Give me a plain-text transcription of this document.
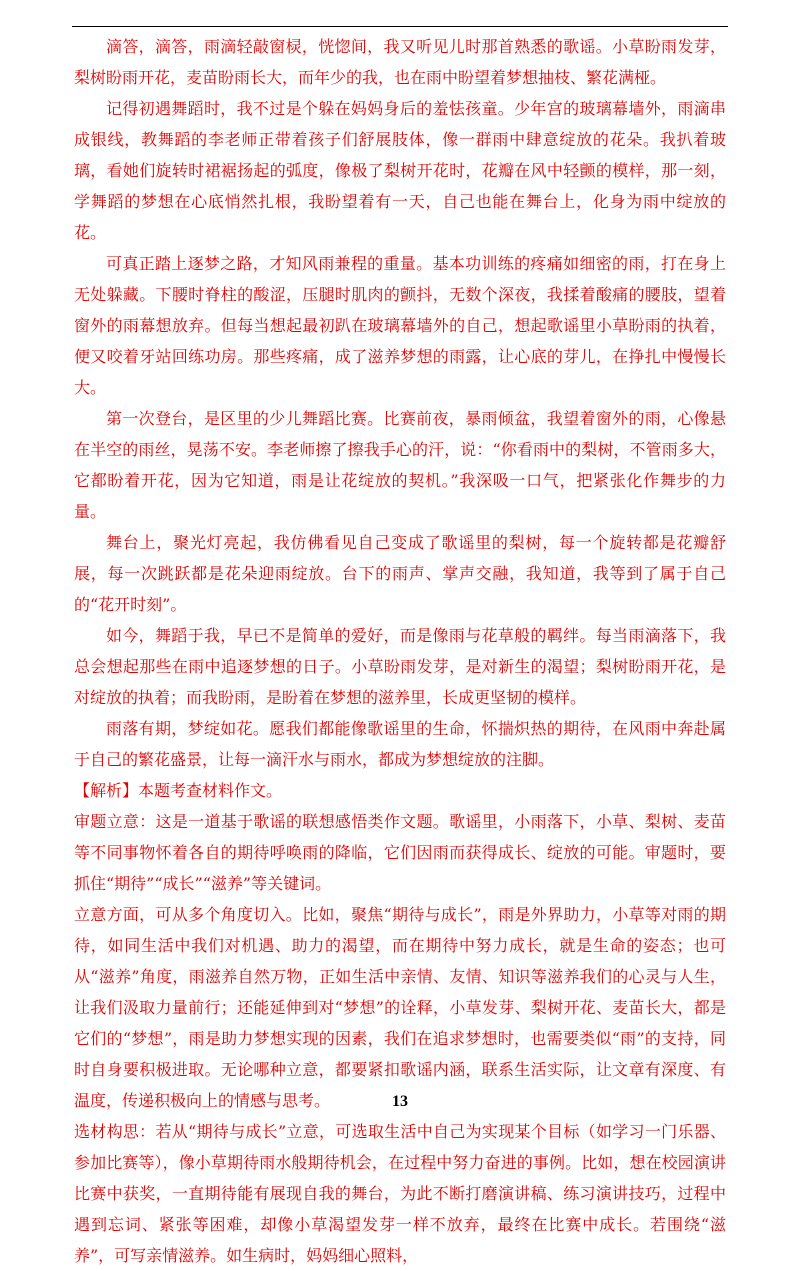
滴答，滴答，雨滴轻敲窗棂，恍惚间，我又听见儿时那首熟悉的歌谣。小草盼雨发芽，梨树盼雨开花，麦苗盼雨长大，而年少的我，也在雨中盼望着梦想抽枝、繁花满桠。

记得初遇舞蹈时，我不过是个躲在妈妈身后的羞怯孩童。少年宫的玻璃幕墙外，雨滴串成银线，教舞蹈的李老师正带着孩子们舒展肢体，像一群雨中肆意绽放的花朵。我扒着玻璃，看她们旋转时裙裾扬起的弧度，像极了梨树开花时，花瓣在风中轻颤的模样，那一刻，学舞蹈的梦想在心底悄然扎根，我盼望着有一天，自己也能在舞台上，化身为雨中绽放的花。

可真正踏上逐梦之路，才知风雨兼程的重量。基本功训练的疼痛如细密的雨，打在身上无处躲藏。下腰时脊柱的酸涩，压腿时肌肉的颤抖，无数个深夜，我揉着酸痛的腰肢，望着窗外的雨幕想放弃。但每当想起最初趴在玻璃幕墙外的自己，想起歌谣里小草盼雨的执着，便又咬着牙站回练功房。那些疼痛，成了滋养梦想的雨露，让心底的芽儿，在挣扎中慢慢长大。

第一次登台，是区里的少儿舞蹈比赛。比赛前夜，暴雨倾盆，我望着窗外的雨，心像悬在半空的雨丝，晃荡不安。李老师擦了擦我手心的汗，说：“你看雨中的梨树，不管雨多大，它都盼着开花，因为它知道，雨是让花绽放的契机。”我深吸一口气，把紧张化作舞步的力量。

舞台上，聚光灯亮起，我仿佛看见自己变成了歌谣里的梨树，每一个旋转都是花瓣舒展，每一次跳跃都是花朵迎雨绽放。台下的雨声、掌声交融，我知道，我等到了属于自己的“花开时刻”。

如今，舞蹈于我，早已不是简单的爱好，而是像雨与花草般的羁绊。每当雨滴落下，我总会想起那些在雨中追逐梦想的日子。小草盼雨发芽，是对新生的渴望；梨树盼雨开花，是对绽放的执着；而我盼雨，是盼着在梦想的滋养里，长成更坚韧的模样。

雨落有期，梦绽如花。愿我们都能像歌谣里的生命，怀揣炽热的期待，在风雨中奔赴属于自己的繁花盛景，让每一滴汗水与雨水，都成为梦想绽放的注脚。

【解析】本题考查材料作文。

审题立意：这是一道基于歌谣的联想感悟类作文题。歌谣里，小雨落下，小草、梨树、麦苗等不同事物怀着各自的期待呼唤雨的降临，它们因雨而获得成长、绽放的可能。审题时，要抓住“期待”“成长”“滋养”等关键词。

立意方面，可从多个角度切入。比如，聚焦“期待与成长”，雨是外界助力，小草等对雨的期待，如同生活中我们对机遇、助力的渴望，而在期待中努力成长，就是生命的姿态；也可从“滋养”角度，雨滋养自然万物，正如生活中亲情、友情、知识等滋养我们的心灵与人生，让我们汲取力量前行；还能延伸到对“梦想”的诠释，小草发芽、梨树开花、麦苗长大，都是它们的“梦想”，雨是助力梦想实现的因素，我们在追求梦想时，也需要类似“雨”的支持，同时自身要积极进取。无论哪种立意，都要紧扣歌谣内涵，联系生活实际，让文章有深度、有温度，传递积极向上的情感与思考。

选材构思：若从“期待与成长”立意，可选取生活中自己为实现某个目标（如学习一门乐器、参加比赛等），像小草期待雨水般期待机会，在过程中努力奋进的事例。比如，想在校园演讲比赛中获奖，一直期待能有展现自我的舞台，为此不断打磨演讲稿、练习演讲技巧，过程中遇到忘词、紧张等困难，却像小草渴望发芽一样不放弃，最终在比赛中成长。若围绕“滋养”，可写亲情滋养。如生病时，妈妈细心照料，

13
